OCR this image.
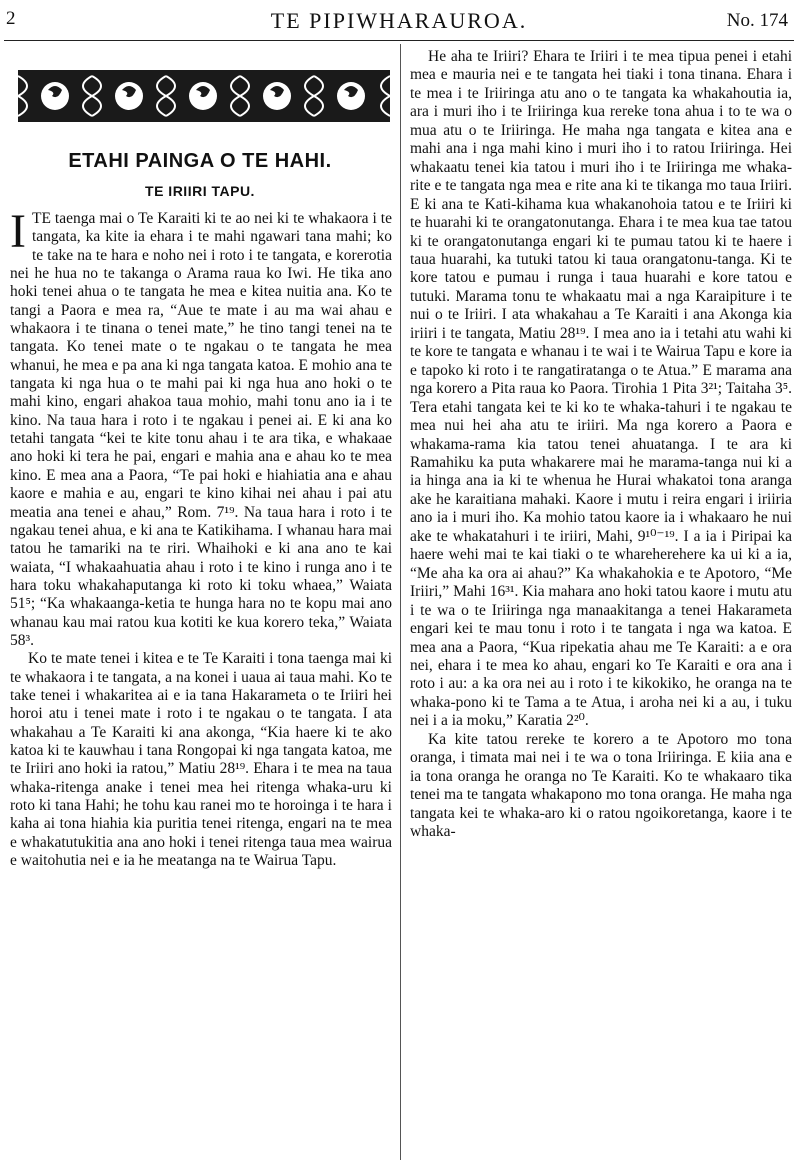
2	TE PIPIWHARAUROA.	No. 174
ETAHI PAINGA O TE HAHI.
TE IRIIRI TAPU.

ITE taenga mai o Te Karaiti ki te ao nei ki te whakaora i te tangata, ka kite ia ehara i te mahi ngawari tana mahi; ko te take na te hara e noho nei i roto i te tangata, e korerotia nei he hua no te takanga o Arama raua ko Iwi. He tika ano hoki tenei ahua o te tangata he mea e kitea nuitia ana. Ko te tangi a Paora e mea ra, “Aue te mate i au ma wai ahau e whakaora i te tinana o tenei mate,” he tino tangi tenei na te tangata. Ko tenei mate o te ngakau o te tangata he mea whanui, he mea e pa ana ki nga tangata katoa. E mohio ana te tangata ki nga hua o te mahi pai ki nga hua ano hoki o te mahi kino, engari ahakoa taua mohio, mahi tonu ano ia i te kino. Na taua hara i roto i te ngakau i penei ai. E ki ana ko tetahi tangata “kei te kite tonu ahau i te ara tika, e whakaae ano hoki ki tera he pai, engari e mahia ana e ahau ko te mea kino. E mea ana a Paora, “Te pai hoki e hiahiatia ana e ahau kaore e mahia e au, engari te kino kihai nei ahau i pai atu meatia ana tenei e ahau,” Rom. 7¹⁹. Na taua hara i roto i te ngakau tenei ahua, e ki ana te Katikihama. I whanau hara mai tatou he tamariki na te riri. Whaihoki e ki ana ano te kai waiata, “I whakaahuatia ahau i roto i te kino i runga ano i te hara toku whakahaputanga ki roto ki toku whaea,” Waiata 51⁵; “Ka whakaanga-ketia te hunga hara no te kopu mai ano whanau kau mai ratou kua kotiti ke kua korero teka,” Waiata 58³.

Ko te mate tenei i kitea e te Te Karaiti i tona taenga mai ki te whakaora i te tangata, a na konei i uaua ai taua mahi. Ko te take tenei i whakaritea ai e ia tana Hakarameta o te Iriiri hei horoi atu i tenei mate i roto i te ngakau o te tangata. I ata whakahau a Te Karaiti ki ana akonga, “Kia haere ki te ako katoa ki te kauwhau i tana Rongopai ki nga tangata katoa, me te Iriiri ano hoki ia ratou,” Matiu 28¹⁹. Ehara i te mea na taua whaka-ritenga anake i tenei mea hei ritenga whaka-uru ki roto ki tana Hahi; he tohu kau ranei mo te horoinga i te hara i kaha ai tona hiahia kia puritia tenei ritenga, engari na te mea e whakatutukitia ana ano hoki i tenei ritenga taua mea wairua e waitohutia nei e ia he meatanga na te Wairua Tapu.

He aha te Iriiri? Ehara te Iriiri i te mea tipua penei i etahi mea e mauria nei e te tangata hei tiaki i tona tinana. Ehara i te mea i te Iriiringa atu ano o te tangata ka whakahoutia ia, ara i muri iho i te Iriiringa kua rereke tona ahua i to te wa o mua atu o te Iriiringa. He maha nga tangata e kitea ana e mahi ana i nga mahi kino i muri iho i to ratou Iriiringa. Hei whakaatu tenei kia tatou i muri iho i te Iriiringa me whaka-rite e te tangata nga mea e rite ana ki te tikanga mo taua Iriiri. E ki ana te Kati-kihama kua whakanohoia tatou e te Iriiri ki te huarahi ki te orangatonutanga. Ehara i te mea kua tae tatou ki te orangatonutanga engari ki te pumau tatou ki te haere i taua huarahi, ka tutuki tatou ki taua orangatonu-tanga. Ki te kore tatou e pumau i runga i taua huarahi e kore tatou e tutuki. Marama tonu te whakaatu mai a nga Karaipiture i te nui o te Iriiri. I ata whakahau a Te Karaiti i ana Akonga kia iriiri i te tangata, Matiu 28¹⁹. I mea ano ia i tetahi atu wahi ki te kore te tangata e whanau i te wai i te Wairua Tapu e kore ia e tapoko ki roto i te rangatiratanga o te Atua.” E marama ana nga korero a Pita raua ko Paora. Tirohia 1 Pita 3²¹; Taitaha 3⁵. Tera etahi tangata kei te ki ko te whaka-tahuri i te ngakau te mea nui hei aha atu te iriiri. Ma nga korero a Paora e whakama-rama kia tatou tenei ahuatanga. I te ara ki Ramahiku ka puta whakarere mai he marama-tanga nui ki a ia hinga ana ia ki te whenua he Hurai whakatoi tona aranga ake he karaitiana mahaki. Kaore i mutu i reira engari i iriiria ano ia i muri iho. Ka mohio tatou kaore ia i whakaaro he nui ake te whakatahuri i te iriiri, Mahi, 9¹⁰⁻¹⁹. I a ia i Piripai ka haere wehi mai te kai tiaki o te whareherehere ka ui ki a ia, “Me aha ka ora ai ahau?” Ka whakahokia e te Apotoro, “Me Iriiri,” Mahi 16³¹. Kia mahara ano hoki tatou kaore i mutu atu i te wa o te Iriiringa nga manaakitanga a tenei Hakarameta engari kei te mau tonu i roto i te tangata i nga wa katoa. E mea ana a Paora, “Kua ripekatia ahau me Te Karaiti: a e ora nei, ehara i te mea ko ahau, engari ko Te Karaiti e ora ana i roto i au: a ka ora nei au i roto i te kikokiko, he oranga na te whaka-pono ki te Tama a te Atua, i aroha nei ki a au, i tuku nei i a ia moku,” Karatia 2²⁰.

Ka kite tatou rereke te korero a te Apotoro mo tona oranga, i timata mai nei i te wa o tona Iriiringa. E kiia ana e ia tona oranga he oranga no Te Karaiti. Ko te whakaaro tika tenei ma te tangata whakapono mo tona oranga. He maha nga tangata kei te whaka-aro ki o ratou ngoikoretanga, kaore i te whaka-
